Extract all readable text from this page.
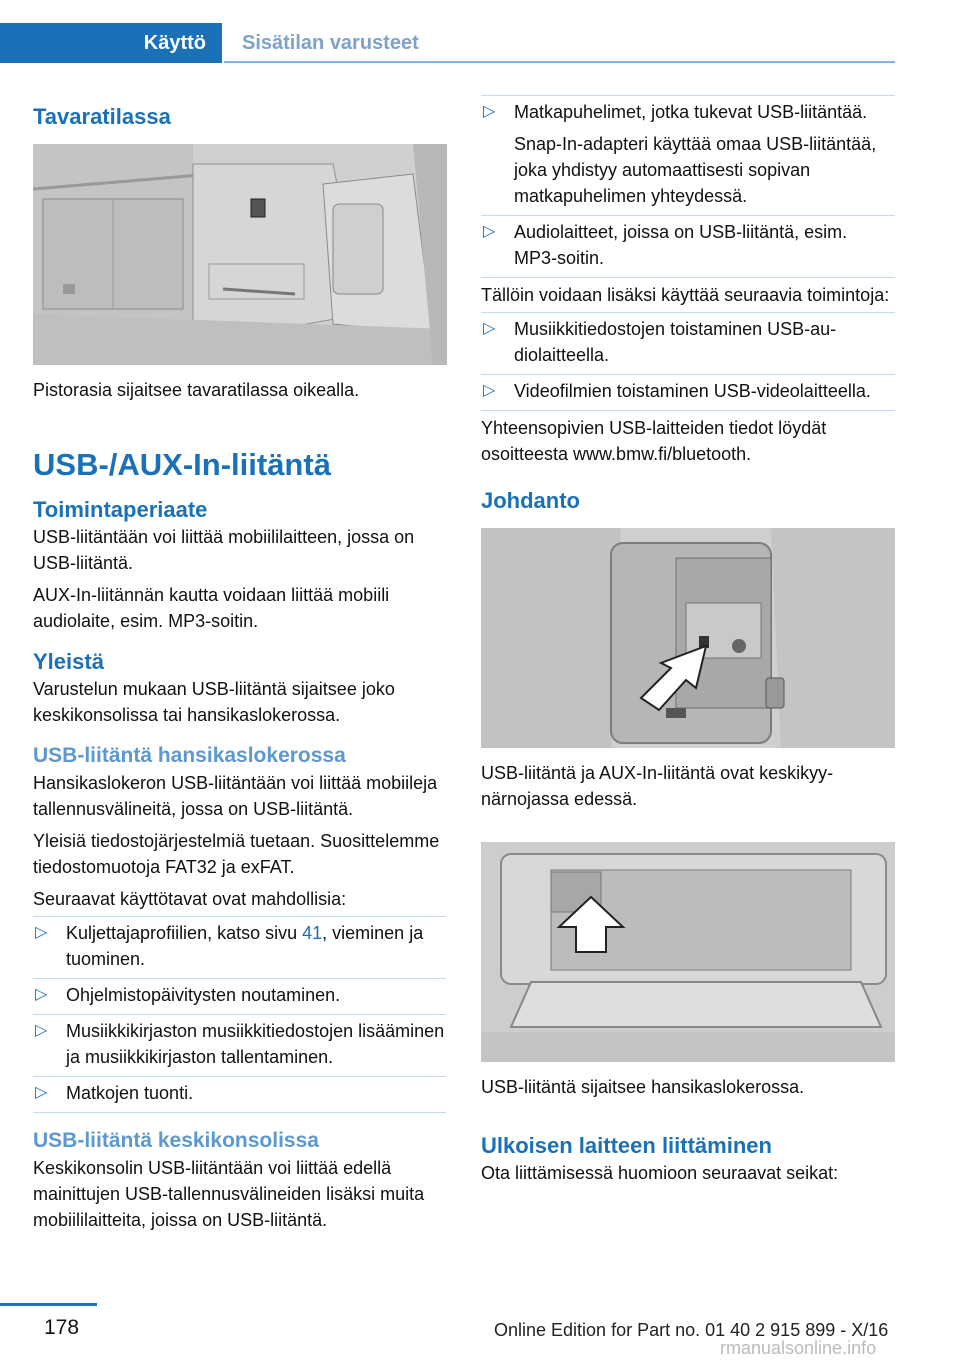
Käyttö	Sisätilan varusteet
Tavaratilassa

Pistorasia sijaitsee tavaratilassa oikealla.

USB-/AUX-In-liitäntä
Toimintaperiaate

USB-liitäntään voi liittää mobiililaitteen, jossa on USB-liitäntä.

AUX-In-liitännän kautta voidaan liittää mobiili audiolaite, esim. MP3-soitin.

Yleistä

Varustelun mukaan USB-liitäntä sijaitsee joko keskikonsolissa tai hansikaslokerossa.

USB-liitäntä hansikaslokerossa

Hansikaslokeron USB-liitäntään voi liittää mobiileja tallennusvälineitä, jossa on USB-liitäntä.

Yleisiä tiedostojärjestelmiä tuetaan. Suosittelemme tiedostomuotoja FAT32 ja exFAT.

Seuraavat käyttötavat ovat mahdollisia:

▷ Kuljettajaprofiilien, katso sivu 41, vieminen ja tuominen.
▷ Ohjelmistopäivitysten noutaminen.
▷ Musiikkikirjaston musiikkitiedostojen lisääminen ja musiikkikirjaston tallentaminen.
▷ Matkojen tuonti.
USB-liitäntä keskikonsolissa

Keskikonsolin USB-liitäntään voi liittää edellä mainittujen USB-tallennusvälineiden lisäksi muita mobiililaitteita, joissa on USB-liitäntä.

▷ Matkapuhelimet, jotka tukevat USB-liitäntää.

Snap-In-adapteri käyttää omaa USB-liitäntää, joka yhdistyy automaattisesti sopivan matkapuhelimen yhteydessä.

▷ Audiolaitteet, joissa on USB-liitäntä, esim. MP3-soitin.

Tällöin voidaan lisäksi käyttää seuraavia toimintoja:

▷ Musiikkitiedostojen toistaminen USB-audiolaitteella.
▷ Videofilmien toistaminen USB-videolaitteella.

Yhteensopivien USB-laitteiden tiedot löydät osoitteesta www.bmw.fi/bluetooth.

Johdanto

USB-liitäntä ja AUX-In-liitäntä ovat keskikyynärnojassa edessä.

USB-liitäntä sijaitsee hansikaslokerossa.

Ulkoisen laitteen liittäminen

Ota liittämisessä huomioon seuraavat seikat:

178	Online Edition for Part no. 01 40 2 915 899 - X/16
rmanualsonline.info
